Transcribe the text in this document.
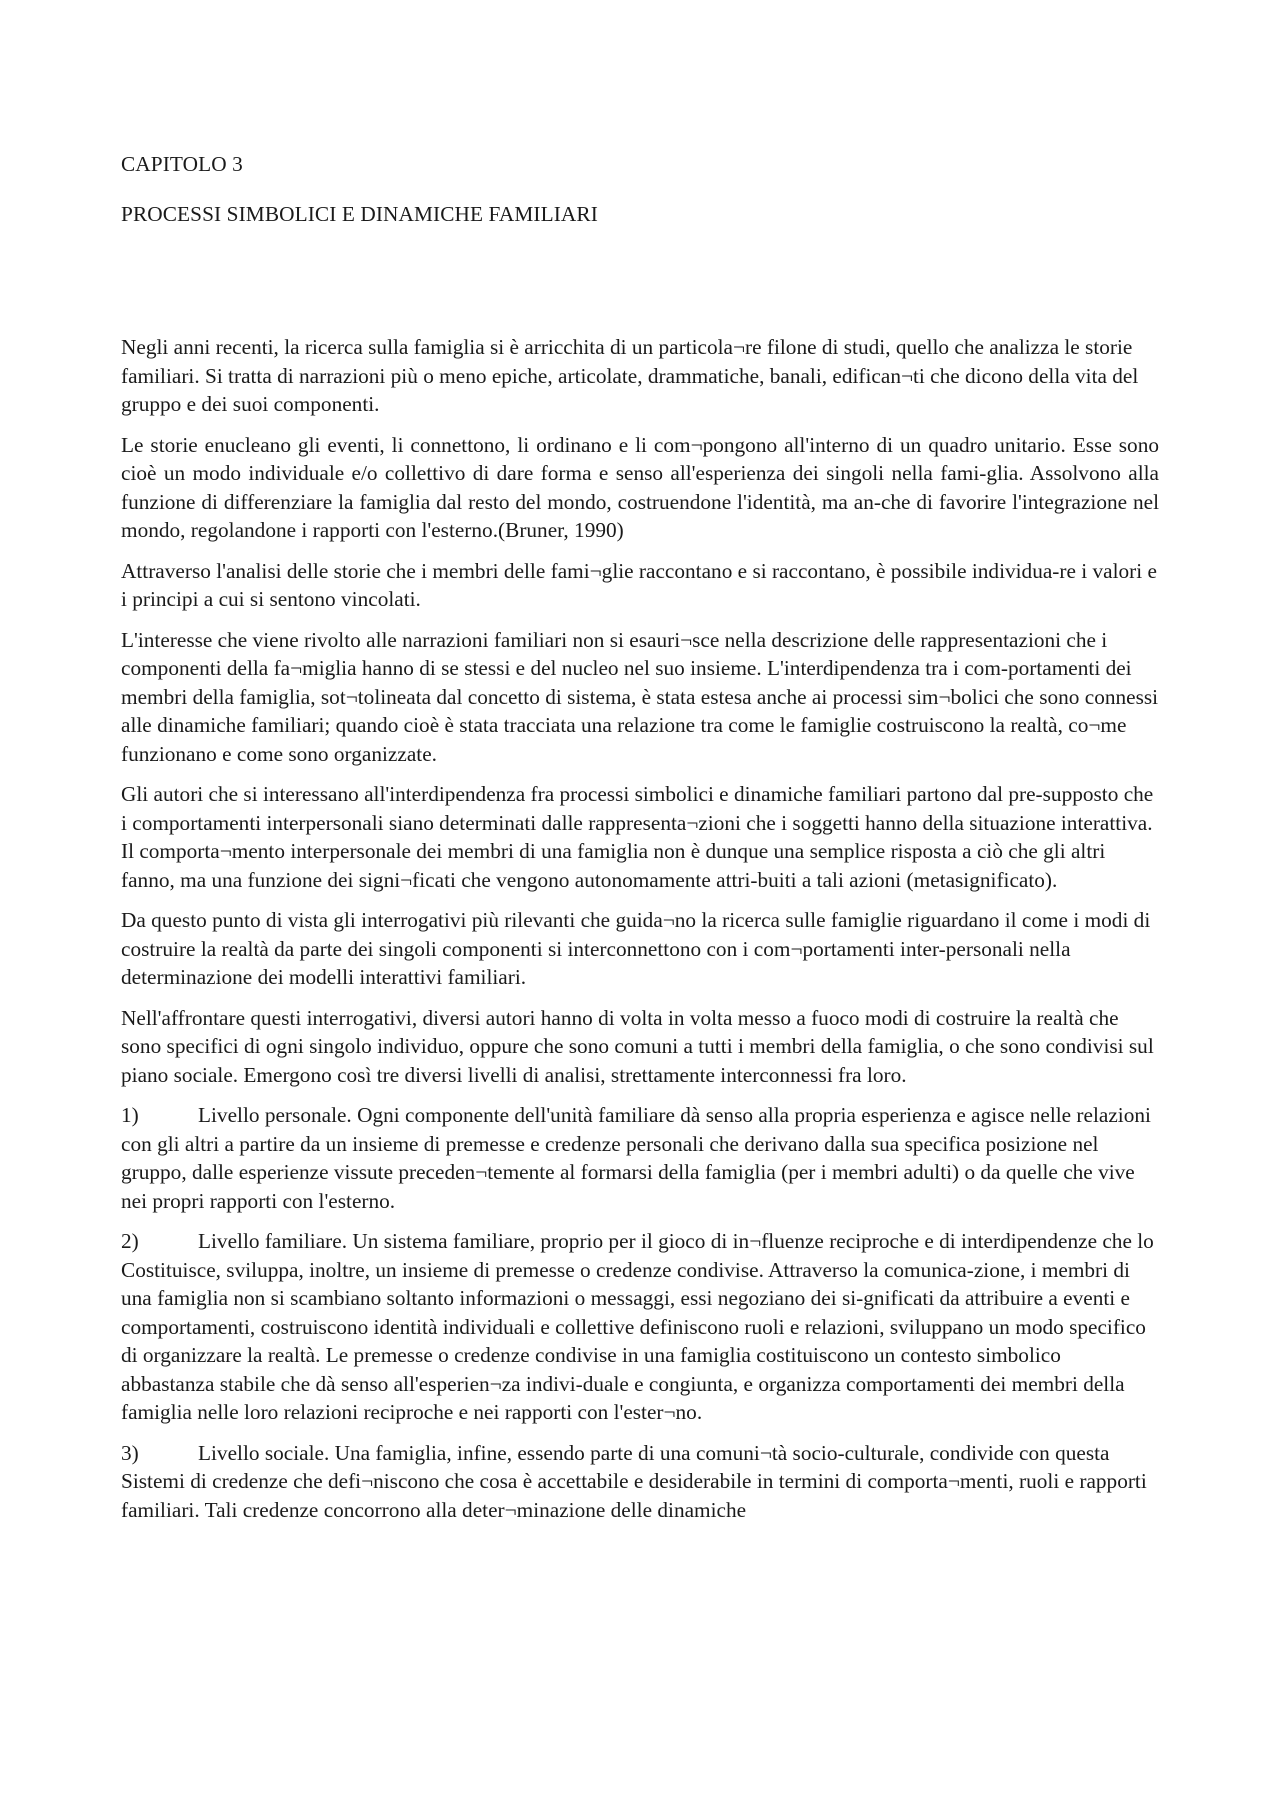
CAPITOLO 3

PROCESSI SIMBOLICI E DINAMICHE FAMILIARI

Negli anni recenti, la ricerca sulla famiglia si è arricchita di un particola¬re filone di studi, quello che analizza le storie familiari. Si tratta di narrazioni più o meno epiche, articolate, drammatiche, banali, edifican¬ti che dicono della vita del gruppo e dei suoi componenti.

Le storie enucleano gli eventi, li connettono, li ordinano e li com¬pongono all'interno di un quadro unitario. Esse sono cioè un modo individuale e/o collettivo di dare forma e senso all'esperienza dei singoli nella fami-glia. Assolvono alla funzione di differenziare la famiglia dal resto del mondo, costruendone l'identità, ma an-che di favorire l'integrazione nel mondo, regolandone i rapporti con l'esterno.(Bruner, 1990)

Attraverso l'analisi delle storie che i membri delle fami¬glie raccontano e si raccontano, è possibile individua-re i valori e i principi a cui si sentono vincolati.

L'interesse che viene rivolto alle narrazioni familiari non si esauri¬sce nella descrizione delle rappresentazioni che i componenti della fa¬miglia hanno di se stessi e del nucleo nel suo insieme. L'interdipendenza tra i com-portamenti dei membri della famiglia, sot¬tolineata dal concetto di sistema, è stata estesa anche ai processi sim¬bolici che sono connessi alle dinamiche familiari; quando cioè è stata tracciata una relazione tra come le famiglie costruiscono la realtà, co¬me funzionano e come sono organizzate.

Gli autori che si interessano all'interdipendenza fra processi simbolici e dinamiche familiari partono dal pre-supposto che i comportamenti interpersonali siano determinati dalle rappresenta¬zioni che i soggetti hanno della situazione interattiva. Il comporta¬mento interpersonale dei membri di una famiglia non è dunque una semplice risposta a ciò che gli altri fanno, ma una funzione dei signi¬ficati che vengono autonomamente attri-buiti a tali azioni (metasignificato).

Da questo punto di vista gli interrogativi più rilevanti che guida¬no la ricerca sulle famiglie riguardano il come i modi di costruire la realtà da parte dei singoli componenti si interconnettono con i com¬portamenti inter-personali nella determinazione dei modelli interattivi familiari.

Nell'affrontare questi interrogativi, diversi autori hanno di volta in volta messo a fuoco modi di costruire la realtà che sono specifici di ogni singolo individuo, oppure che sono comuni a tutti i membri della famiglia, o che sono condivisi sul piano sociale. Emergono così tre diversi livelli di analisi, strettamente interconnessi fra loro.

1)	Livello personale. Ogni componente dell'unità familiare dà senso alla propria esperienza e agisce nelle relazioni con gli altri a partire da un insieme di premesse e credenze personali che derivano dalla sua specifica posizione nel gruppo, dalle esperienze vissute preceden¬temente al formarsi della famiglia (per i membri adulti) o da quelle che vive nei propri rapporti con l'esterno.

2)	Livello familiare. Un sistema familiare, proprio per il gioco di in¬fluenze reciproche e di interdipendenze che lo Costituisce, sviluppa, inoltre, un insieme di premesse o credenze condivise. Attraverso la comunica-zione, i membri di una famiglia non si scambiano soltanto informazioni o messaggi, essi negoziano dei si-gnificati da attribuire a eventi e comportamenti, costruiscono identità individuali e collettive definiscono ruoli e relazioni, sviluppano un modo specifico di organizzare la realtà. Le premesse o credenze condivise in una famiglia costituiscono un contesto simbolico abbastanza stabile che dà senso all'esperien¬za indivi-duale e congiunta, e organizza comportamenti dei membri della famiglia nelle loro relazioni reciproche e nei rapporti con l'ester¬no.

3)	Livello sociale. Una famiglia, infine, essendo parte di una comuni¬tà socio-culturale, condivide con questa Sistemi di credenze che defi¬niscono che cosa è accettabile e desiderabile in termini di comporta¬menti, ruoli e rapporti familiari. Tali credenze concorrono alla deter¬minazione delle dinamiche
